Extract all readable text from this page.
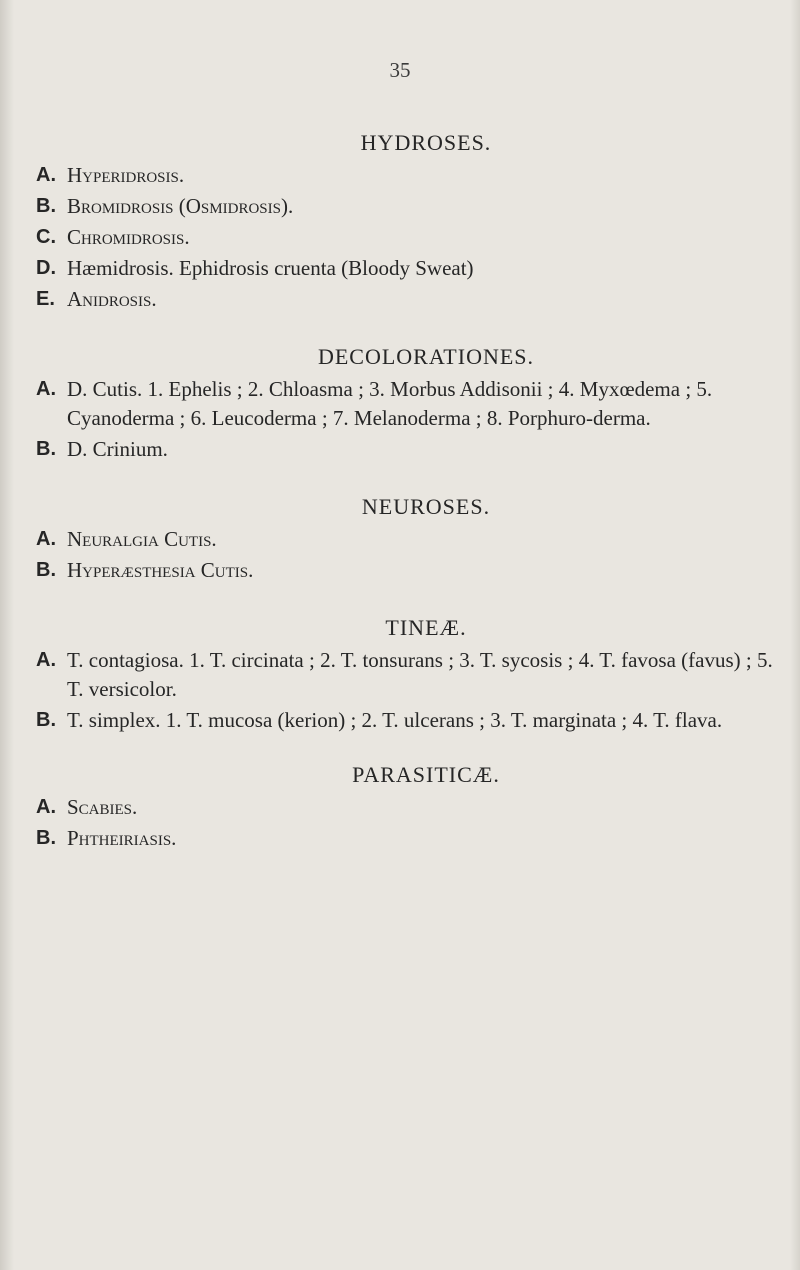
35
HYDROSES.
A. Hyperidrosis.
B. Bromidrosis (Osmidrosis).
C. Chromidrosis.
D. Hæmidrosis. Ephidrosis cruenta (Bloody Sweat)
E. Anidrosis.
DECOLORATIONES.
A. D. Cutis. 1. Ephelis ; 2. Chloasma ; 3. Morbus Addisonii ; 4. Myxœdema ; 5. Cyanoderma ; 6. Leucoderma ; 7. Melanoderma ; 8. Porphuro-derma.
B. D. Crinium.
NEUROSES.
A. Neuralgia Cutis.
B. Hyperæsthesia Cutis.
TINEÆ.
A. T. contagiosa. 1. T. circinata ; 2. T. tonsurans ; 3. T. sycosis ; 4. T. favosa (favus) ; 5. T. versicolor.
B. T. simplex. 1. T. mucosa (kerion) ; 2. T. ulcerans ; 3. T. marginata ; 4. T. flava.
PARASITICÆ.
A. Scabies.
B. Phtheiriasis.
